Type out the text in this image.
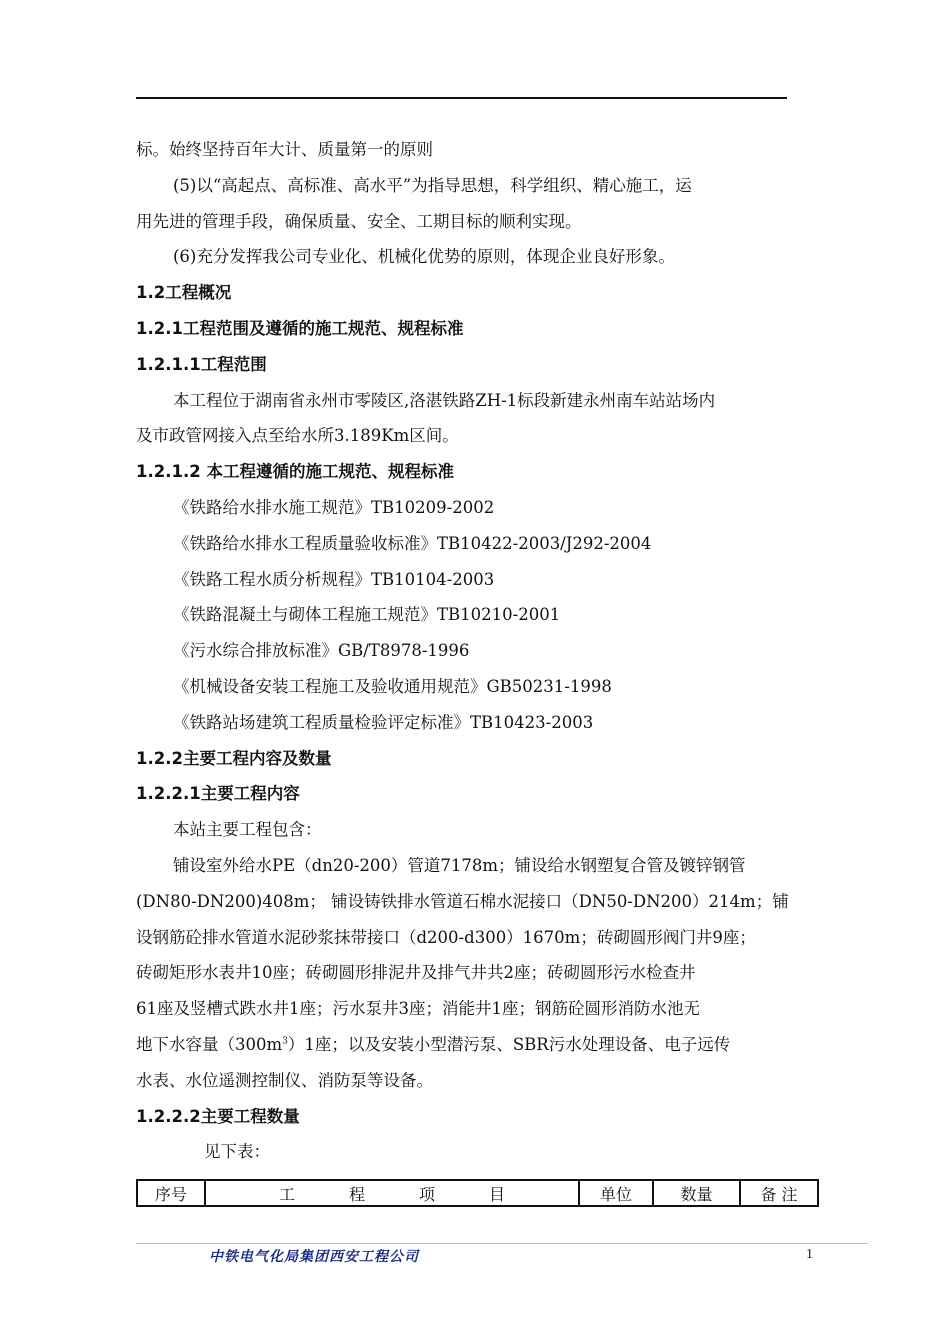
标。始终坚持百年大计、质量第一的原则

(5)以“高起点、高标准、高水平”为指导思想，科学组织、精心施工，运

用先进的管理手段，确保质量、安全、工期目标的顺利实现。

(6)充分发挥我公司专业化、机械化优势的原则，体现企业良好形象。

1.2工程概况

1.2.1工程范围及遵循的施工规范、规程标准

1.2.1.1工程范围

本工程位于湖南省永州市零陵区,洛湛铁路ZH-1标段新建永州南车站站场内

及市政管网接入点至给水所3.189Km区间。

1.2.1.2 本工程遵循的施工规范、规程标准

《铁路给水排水施工规范》TB10209-2002

《铁路给水排水工程质量验收标准》TB10422-2003/J292-2004

《铁路工程水质分析规程》TB10104-2003

《铁路混凝土与砌体工程施工规范》TB10210-2001

《污水综合排放标准》GB/T8978-1996

《机械设备安装工程施工及验收通用规范》GB50231-1998

《铁路站场建筑工程质量检验评定标准》TB10423-2003

1.2.2主要工程内容及数量

1.2.2.1主要工程内容

本站主要工程包含：

铺设室外给水PE（dn20-200）管道7178m；铺设给水钢塑复合管及镀锌钢管

(DN80-DN200)408m； 铺设铸铁排水管道石棉水泥接口（DN50-DN200）214m；铺

设钢筋砼排水管道水泥砂浆抹带接口（d200-d300）1670m；砖砌圆形阀门井9座；

砖砌矩形水表井10座；砖砌圆形排泥井及排气井共2座；砖砌圆形污水检查井

61座及竖槽式跌水井1座；污水泵井3座；消能井1座；钢筋砼圆形消防水池无

地下水容量$(300m^3)1$座；以及安装小型潜污泵、SBR污水处理设备、电子远传

水表、水位遥测控制仪、消防泵等设备。

1.2.2.2主要工程数量

见下表：

序号	工	程	项	目	单位	数量	备 注
中铁电气化局集团西安工程公司	1
